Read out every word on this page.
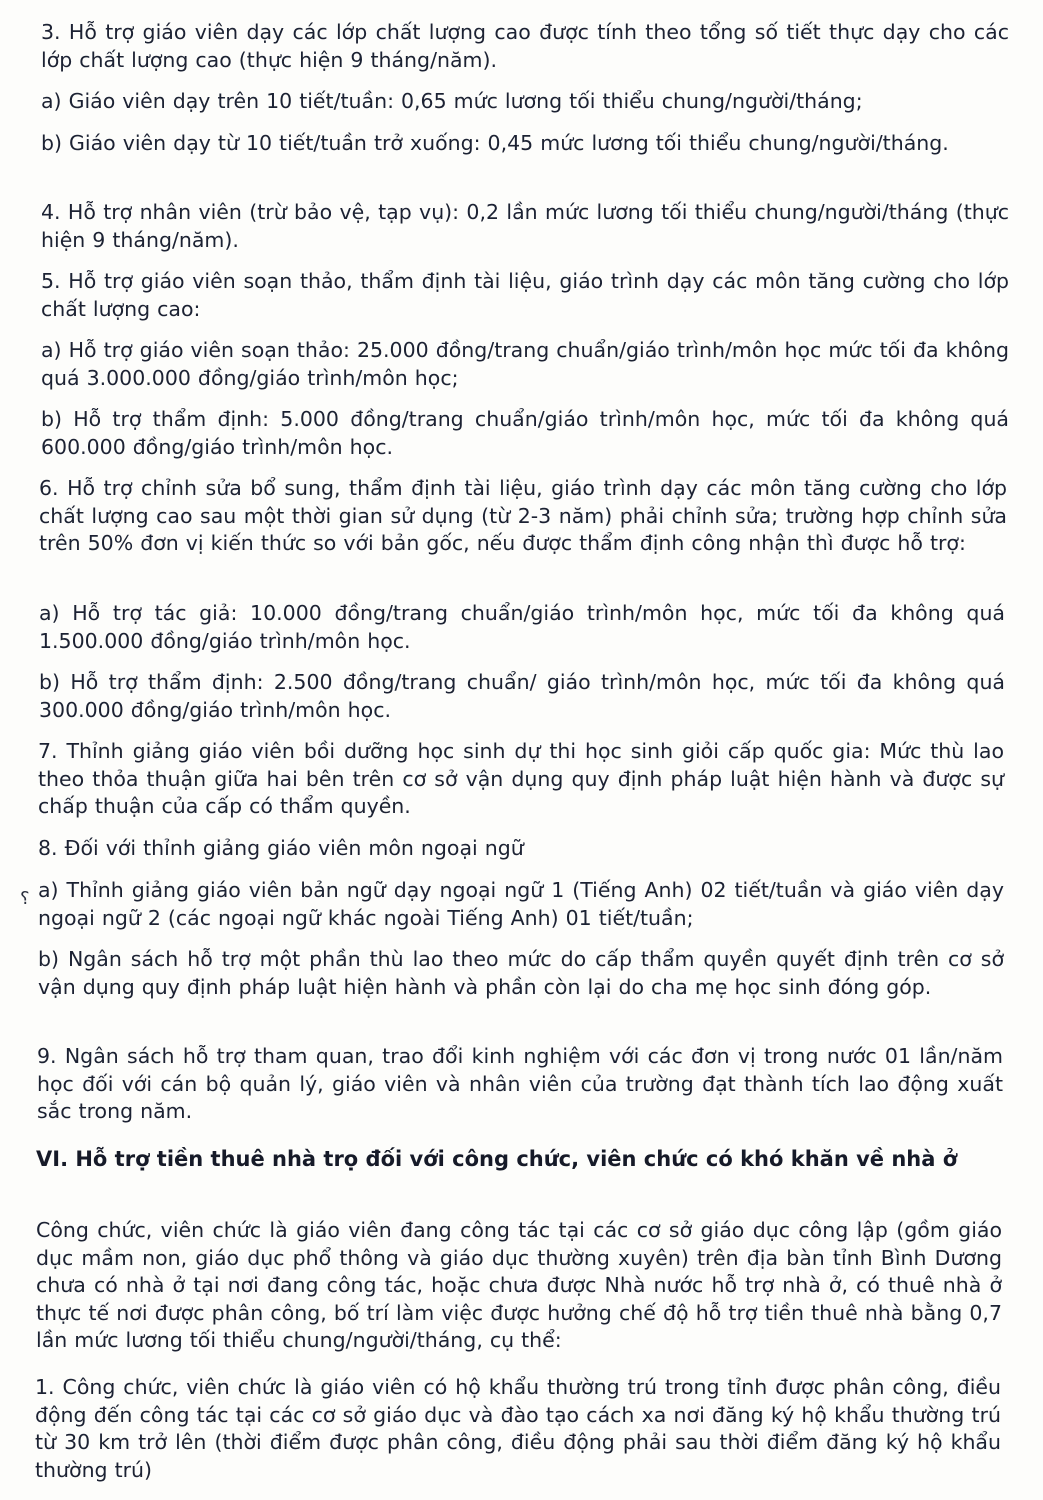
3. Hỗ trợ giáo viên dạy các lớp chất lượng cao được tính theo tổng số tiết thực dạy cho các lớp chất lượng cao (thực hiện 9 tháng/năm).

a) Giáo viên dạy trên 10 tiết/tuần: 0,65 mức lương tối thiểu chung/người/tháng;

b) Giáo viên dạy từ 10 tiết/tuần trở xuống: 0,45 mức lương tối thiểu chung/người/tháng.

4. Hỗ trợ nhân viên (trừ bảo vệ, tạp vụ): 0,2 lần mức lương tối thiểu chung/người/tháng (thực hiện 9 tháng/năm).

5. Hỗ trợ giáo viên soạn thảo, thẩm định tài liệu, giáo trình dạy các môn tăng cường cho lớp chất lượng cao:

a) Hỗ trợ giáo viên soạn thảo: 25.000 đồng/trang chuẩn/giáo trình/môn học mức tối đa không quá 3.000.000 đồng/giáo trình/môn học;

b) Hỗ trợ thẩm định: 5.000 đồng/trang chuẩn/giáo trình/môn học, mức tối đa không quá 600.000 đồng/giáo trình/môn học.

6. Hỗ trợ chỉnh sửa bổ sung, thẩm định tài liệu, giáo trình dạy các môn tăng cường cho lớp chất lượng cao sau một thời gian sử dụng (từ 2-3 năm) phải chỉnh sửa; trường hợp chỉnh sửa trên 50% đơn vị kiến thức so với bản gốc, nếu được thẩm định công nhận thì được hỗ trợ:

a) Hỗ trợ tác giả: 10.000 đồng/trang chuẩn/giáo trình/môn học, mức tối đa không quá 1.500.000 đồng/giáo trình/môn học.

b) Hỗ trợ thẩm định: 2.500 đồng/trang chuẩn/ giáo trình/môn học, mức tối đa không quá 300.000 đồng/giáo trình/môn học.

7. Thỉnh giảng giáo viên bồi dưỡng học sinh dự thi học sinh giỏi cấp quốc gia: Mức thù lao theo thỏa thuận giữa hai bên trên cơ sở vận dụng quy định pháp luật hiện hành và được sự chấp thuận của cấp có thẩm quyền.

8. Đối với thỉnh giảng giáo viên môn ngoại ngữ

⸮ a) Thỉnh giảng giáo viên bản ngữ dạy ngoại ngữ 1 (Tiếng Anh) 02 tiết/tuần và giáo viên dạy ngoại ngữ 2 (các ngoại ngữ khác ngoài Tiếng Anh) 01 tiết/tuần;

b) Ngân sách hỗ trợ một phần thù lao theo mức do cấp thẩm quyền quyết định trên cơ sở vận dụng quy định pháp luật hiện hành và phần còn lại do cha mẹ học sinh đóng góp.

9. Ngân sách hỗ trợ tham quan, trao đổi kinh nghiệm với các đơn vị trong nước 01 lần/năm học đối với cán bộ quản lý, giáo viên và nhân viên của trường đạt thành tích lao động xuất sắc trong năm.

VI. Hỗ trợ tiền thuê nhà trọ đối với công chức, viên chức có khó khăn về nhà ở

Công chức, viên chức là giáo viên đang công tác tại các cơ sở giáo dục công lập (gồm giáo dục mầm non, giáo dục phổ thông và giáo dục thường xuyên) trên địa bàn tỉnh Bình Dương chưa có nhà ở tại nơi đang công tác, hoặc chưa được Nhà nước hỗ trợ nhà ở, có thuê nhà ở thực tế nơi được phân công, bố trí làm việc được hưởng chế độ hỗ trợ tiền thuê nhà bằng 0,7 lần mức lương tối thiểu chung/người/tháng, cụ thể:

1. Công chức, viên chức là giáo viên có hộ khẩu thường trú trong tỉnh được phân công, điều động đến công tác tại các cơ sở giáo dục và đào tạo cách xa nơi đăng ký hộ khẩu thường trú từ 30 km trở lên (thời điểm được phân công, điều động phải sau thời điểm đăng ký hộ khẩu thường trú)
